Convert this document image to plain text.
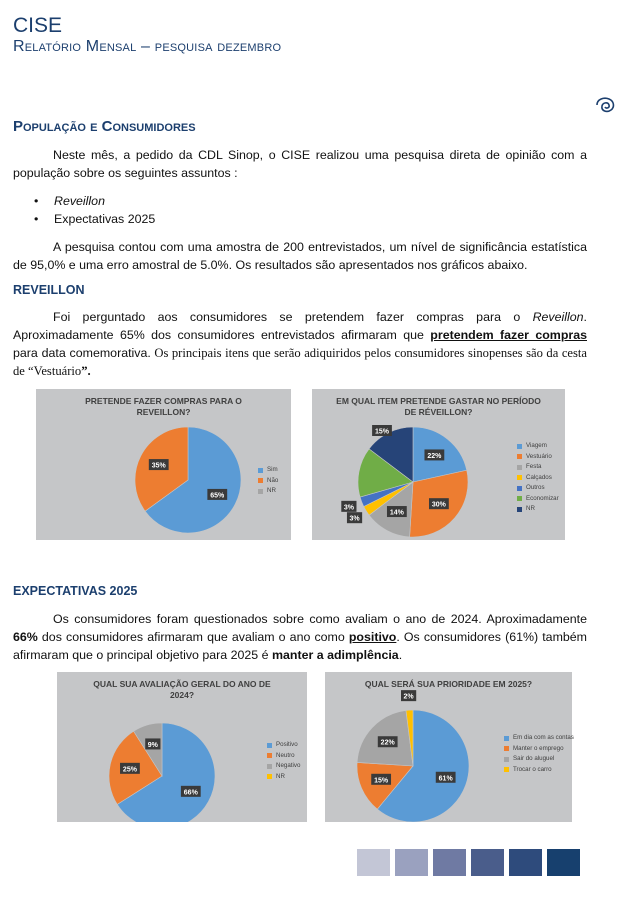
CISE
Relatório Mensal – pesquisa dezembro
População e Consumidores
Neste mês, a pedido da CDL Sinop, o CISE realizou uma pesquisa direta de opinião com a população sobre os seguintes assuntos :
• Reveillon
• Expectativas 2025
A pesquisa contou com uma amostra de 200 entrevistados, um nível de significância estatística de 95,0% e uma erro amostral de 5.0%. Os resultados são apresentados nos gráficos abaixo.
REVEILLON
Foi perguntado aos consumidores se pretendem fazer compras para o Reveillon. Aproximadamente 65% dos consumidores entrevistados afirmaram que pretendem fazer compras para data comemorativa. Os principais itens que serão adiquiridos pelos consumidores sinopenses são da cesta de “Vestuário”.
PRETENDE FAZER COMPRAS PARA O REVEILLON?
65%
35%	Sim
Não
NR
EM QUAL ITEM PRETENDE GASTAR NO PERÍODO DE RÉVEILLON?
22%
30%
14%
3%
3%
15%
Viagem
Vestuário
Festa
Calçados
Outros
Economizar
NR
EXPECTATIVAS 2025
Os consumidores foram questionados sobre como avaliam o ano de 2024. Aproximadamente 66% dos consumidores afirmaram que avaliam o ano como positivo. Os consumidores (61%) também afirmaram que o principal objetivo para 2025 é manter a adimplência.
QUAL SUA AVALIAÇÃO GERAL DO ANO DE 2024?
66%
25%
9%	Positivo
Neutro
Negativo
NR
QUAL SERÁ SUA PRIORIDADE EM 2025?
61%
15%
22%
2%
Em dia com as contas
Manter o emprego
Sair do aluguel
Trocar o carro
